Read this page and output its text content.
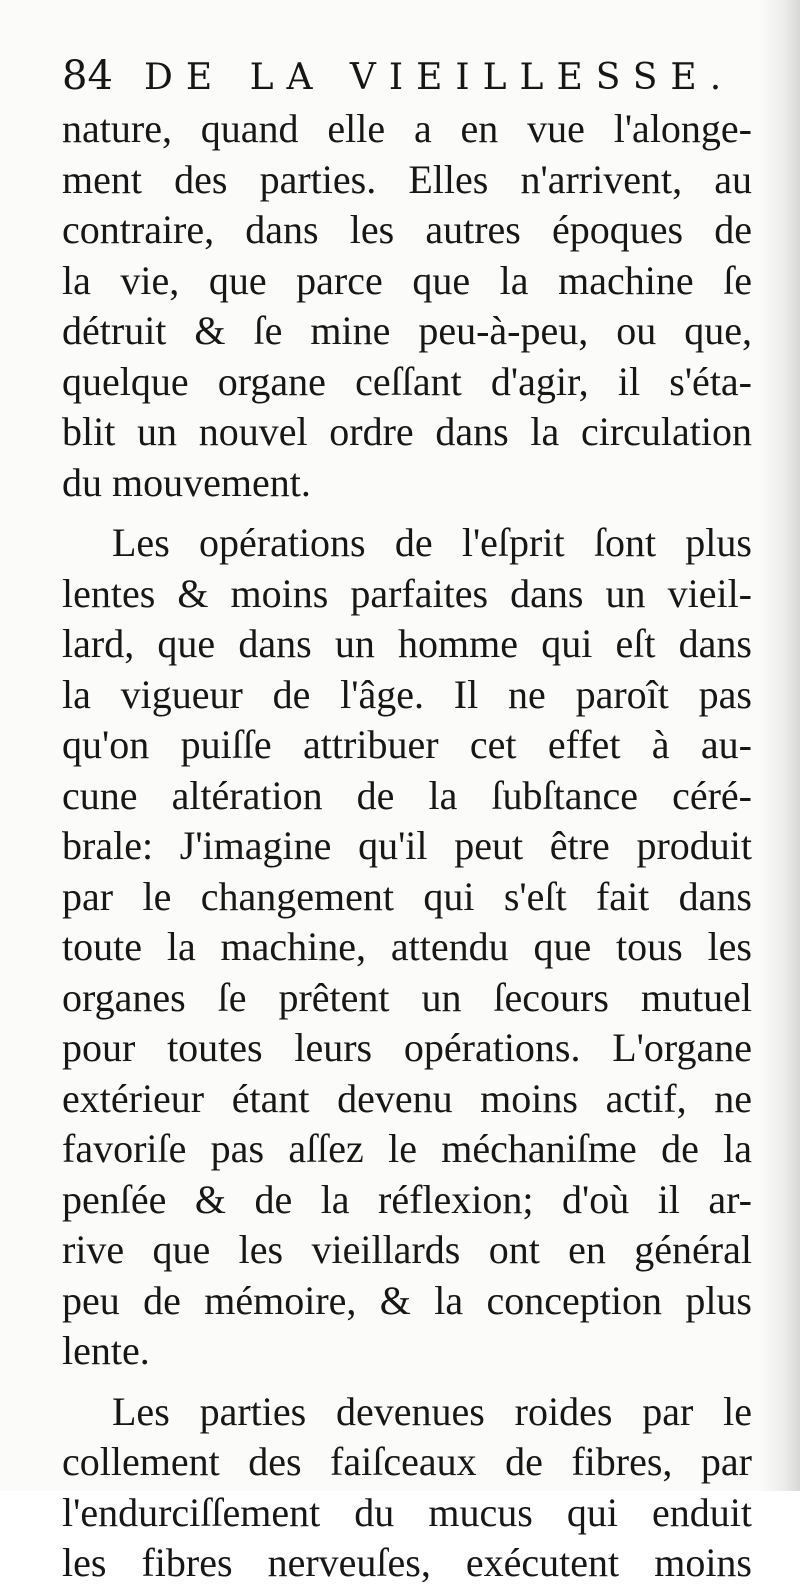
84 DE LA VIEILLESSE.
nature, quand elle a en vue l'alonge-
ment des parties. Elles n'arrivent, au
contraire, dans les autres époques de
la vie, que parce que la machine ſe
détruit & ſe mine peu-à-peu, ou que,
quelque organe ceſſant d'agir, il s'éta-
blit un nouvel ordre dans la circulation
du mouvement.
Les opérations de l'eſprit ſont plus
lentes & moins parfaites dans un vieil-
lard, que dans un homme qui eſt dans
la vigueur de l'âge. Il ne paroît pas
qu'on puiſſe attribuer cet effet à au-
cune altération de la ſubſtance céré-
brale: J'imagine qu'il peut être produit
par le changement qui s'eſt fait dans
toute la machine, attendu que tous les
organes ſe prêtent un ſecours mutuel
pour toutes leurs opérations. L'organe
extérieur étant devenu moins actif, ne
favoriſe pas aſſez le méchaniſme de la
penſée & de la réflexion; d'où il ar-
rive que les vieillards ont en général
peu de mémoire, & la conception plus
lente.
Les parties devenues roides par le
collement des faiſceaux de fibres, par
l'endurciſſement du mucus qui enduit
les fibres nerveuſes, exécutent moins
